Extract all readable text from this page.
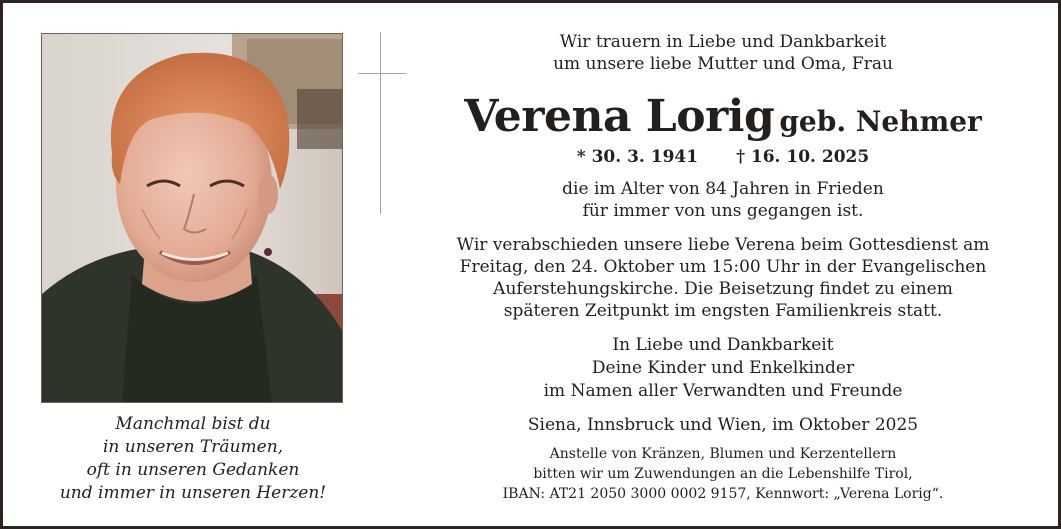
Manchmal bist du
in unseren Träumen,
oft in unseren Gedanken
und immer in unseren Herzen!
Wir trauern in Liebe und Dankbarkeit
um unsere liebe Mutter und Oma, Frau
Verena Lorig geb. Nehmer
* 30. 3. 1941 † 16. 10. 2025
die im Alter von 84 Jahren in Frieden
für immer von uns gegangen ist.
Wir verabschieden unsere liebe Verena beim Gottesdienst am
Freitag, den 24. Oktober um 15:00 Uhr in der Evangelischen
Auferstehungskirche. Die Beisetzung findet zu einem
späteren Zeitpunkt im engsten Familienkreis statt.
In Liebe und Dankbarkeit
Deine Kinder und Enkelkinder
im Namen aller Verwandten und Freunde
Siena, Innsbruck und Wien, im Oktober 2025
Anstelle von Kränzen, Blumen und Kerzentellern
bitten wir um Zuwendungen an die Lebenshilfe Tirol,
IBAN: AT21 2050 3000 0002 9157, Kennwort: „Verena Lorig“.
